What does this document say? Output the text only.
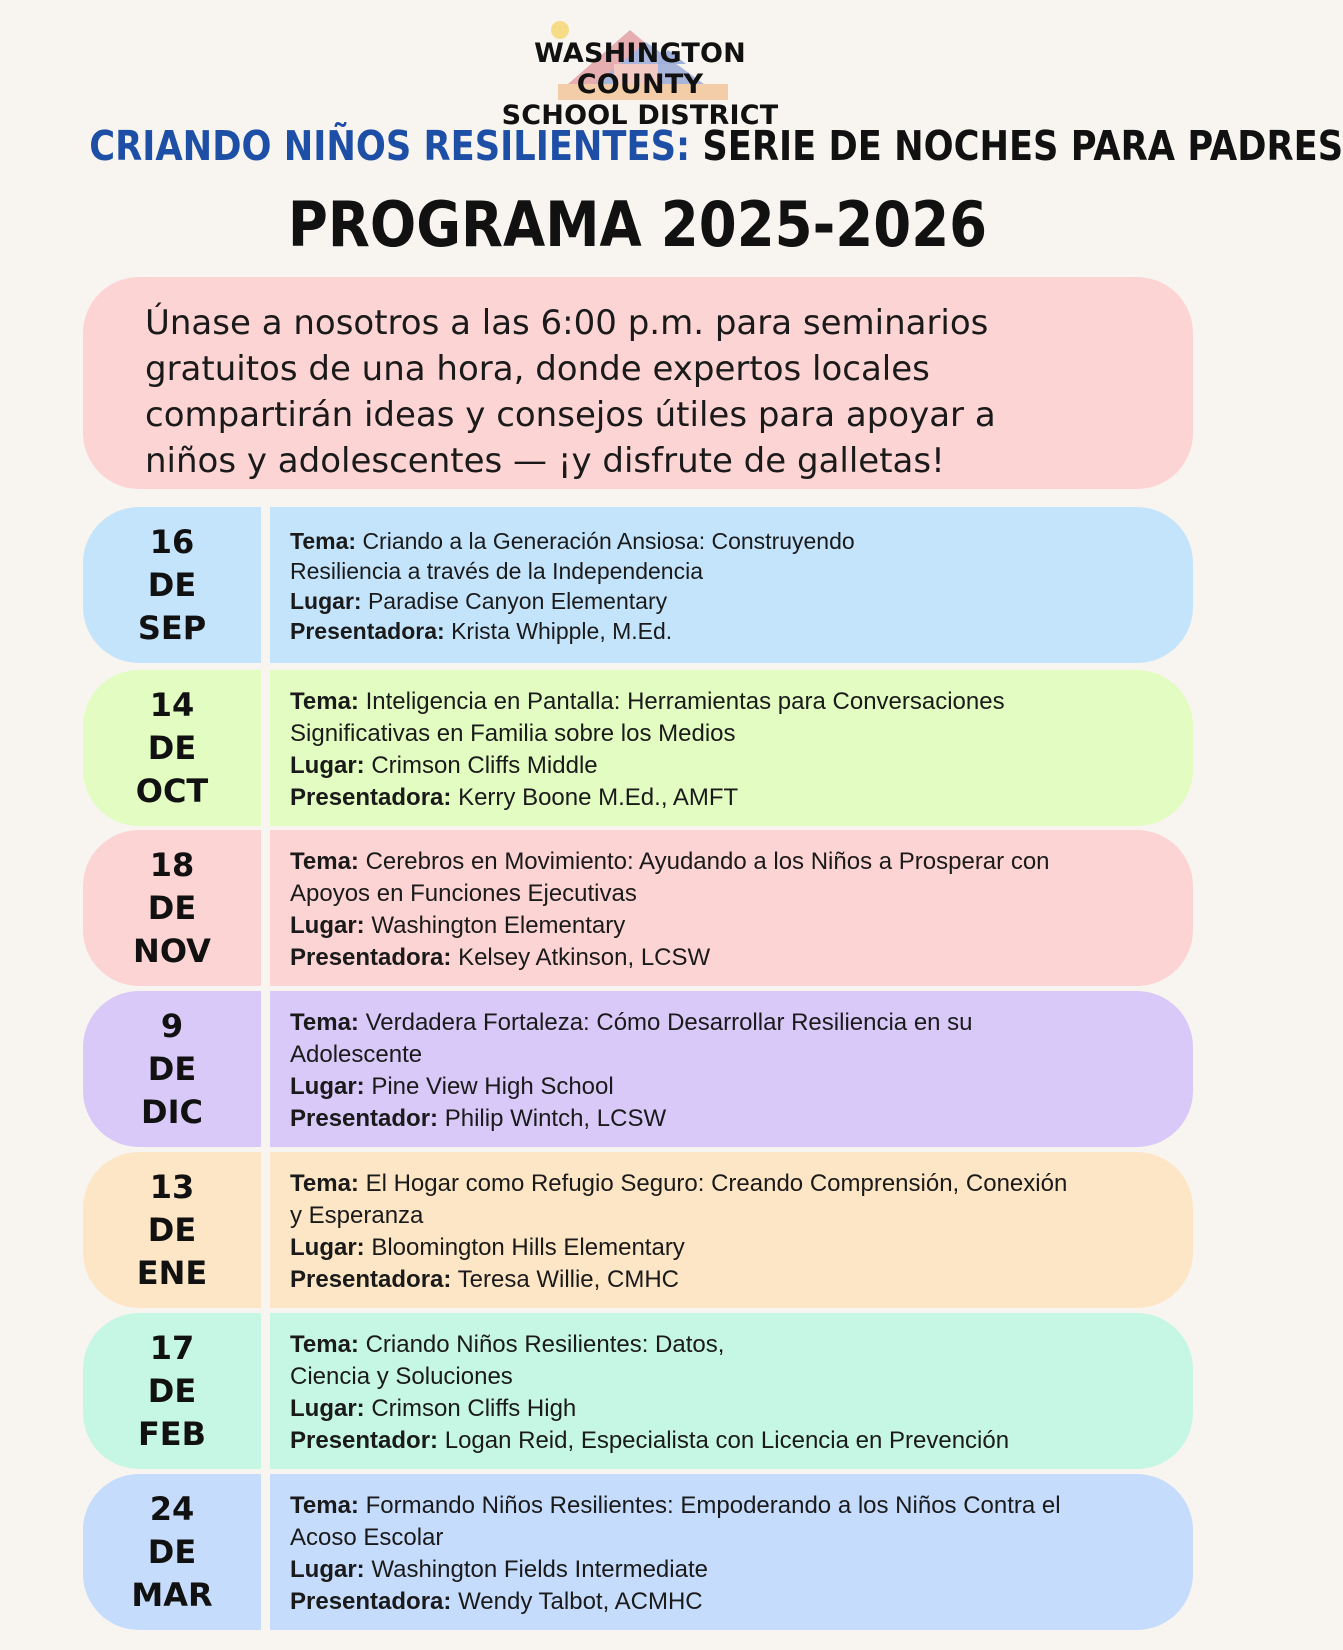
WASHINGTON COUNTY
SCHOOL DISTRICT
CRIANDO NIÑOS RESILIENTES: SERIE DE NOCHES PARA PADRES
PROGRAMA 2025-2026
Únase a nosotros a las 6:00 p.m. para seminarios
gratuitos de una hora, donde expertos locales
compartirán ideas y consejos útiles para apoyar a
niños y adolescentes — ¡y disfrute de galletas!
16
DE
SEP
Tema: Criando a la Generación Ansiosa: Construyendo
Resiliencia a través de la Independencia
Lugar: Paradise Canyon Elementary
Presentadora: Krista Whipple, M.Ed.
14
DE
OCT
Tema: Inteligencia en Pantalla: Herramientas para Conversaciones
Significativas en Familia sobre los Medios
Lugar: Crimson Cliffs Middle
Presentadora: Kerry Boone M.Ed., AMFT
18
DE
NOV
Tema: Cerebros en Movimiento: Ayudando a los Niños a Prosperar con
Apoyos en Funciones Ejecutivas
Lugar: Washington Elementary
Presentadora: Kelsey Atkinson, LCSW
9
DE
DIC
Tema: Verdadera Fortaleza: Cómo Desarrollar Resiliencia en su
Adolescente
Lugar: Pine View High School
Presentador: Philip Wintch, LCSW
13
DE
ENE
Tema: El Hogar como Refugio Seguro: Creando Comprensión, Conexión
y Esperanza
Lugar: Bloomington Hills Elementary
Presentadora: Teresa Willie, CMHC
17
DE
FEB
Tema: Criando Niños Resilientes: Datos,
Ciencia y Soluciones
Lugar: Crimson Cliffs High
Presentador: Logan Reid, Especialista con Licencia en Prevención
24
DE
MAR
Tema: Formando Niños Resilientes: Empoderando a los Niños Contra el
Acoso Escolar
Lugar: Washington Fields Intermediate
Presentadora: Wendy Talbot, ACMHC
